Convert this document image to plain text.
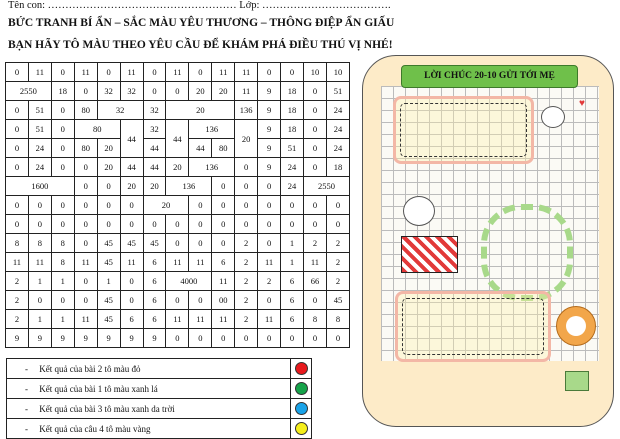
Tên con: ……………………………………………… Lớp: ……………………………….
BỨC TRANH BÍ ẨN – SẮC MÀU YÊU THƯƠNG – THÔNG ĐIỆP ẨN GIẤU
BẠN HÃY TÔ MÀU THEO YÊU CẦU ĐỂ KHÁM PHÁ ĐIỀU THÚ VỊ NHÉ!
0	11	0	11	0	11	0	11	0	11	11	0	0	10	10
2550		18	0	32	32	0	0	20	20	11	9	18	0	51
0	51	0	80	32		32	20			136	9	18	0	24
0	51	0	80		44	32	44	136		20	9	18	0	24
0	24	0	80	20		44		44	80		9	51	0	24
0	24	0	0	20	44	44	20	136		0	9	24	0	18
1600			0	0	20	20	136		0	0	0	24	2550	
0	0	0	0	0	0	20		0	0	0	0	0	0	0
0	0	0	0	0	0	0	0	0	0	0	0	0	0	0
8	8	8	0	45	45	45	0	0	0	2	0	1	2	2
11	11	8	11	45	11	6	11	11	6	2	11	1	11	2
2	1	1	0	1	0	6	4000		11	2	2	6	66	2
2	0	0	0	45	0	6	0	0	00	2	0	6	0	45
2	1	1	11	45	6	6	11	11	11	2	11	6	8	8
9	9	9	9	9	9	9	0	0	0	0	0	0	0	0
- Kết quả của bài 2 tô màu đỏ	
- Kết quả của bài 1 tô màu xanh lá	
- Kết quả của bài 3 tô màu xanh da trời	
- Kết quả của câu 4 tô màu vàng	
♥
LỜI CHÚC 20-10 GỬI TỚI MẸ
